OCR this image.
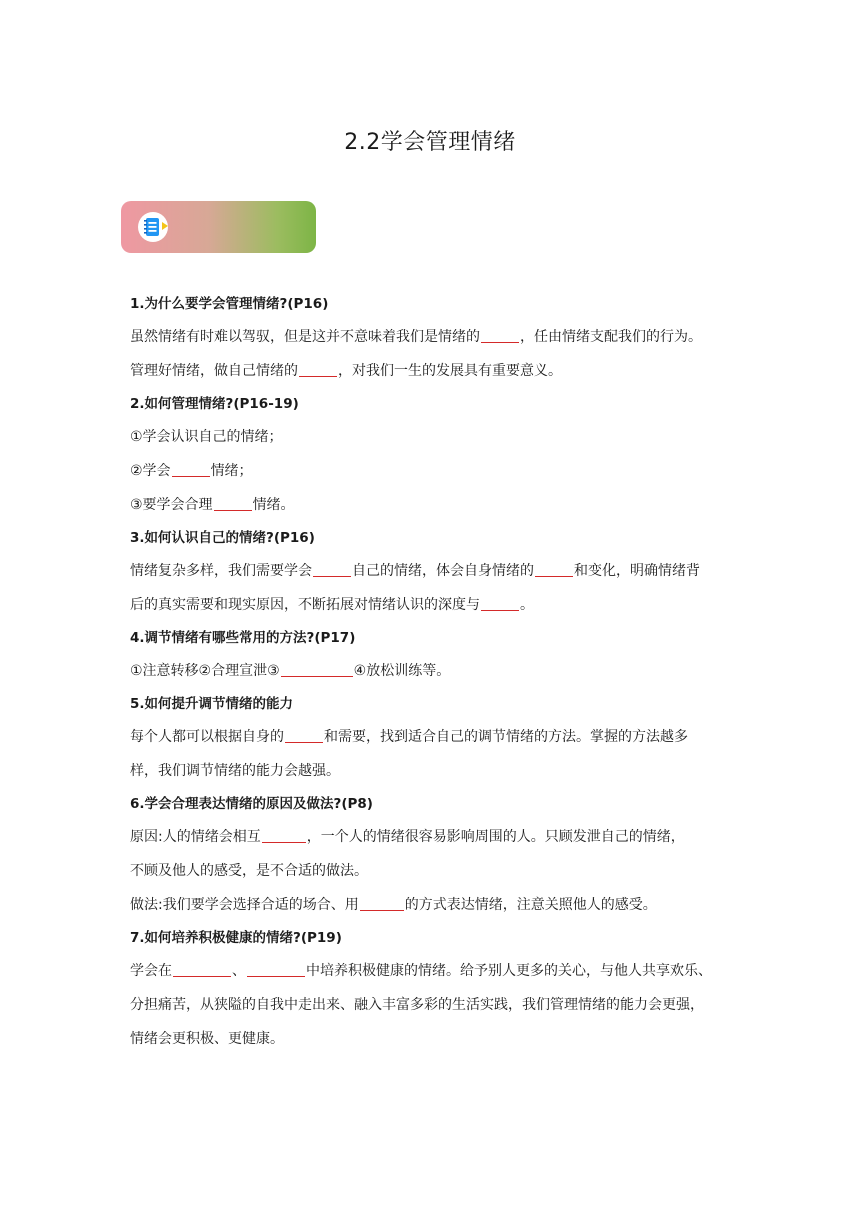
2.2学会管理情绪

1.为什么要学会管理情绪?(P16)

虽然情绪有时难以驾驭，但是这并不意味着我们是情绪的	，任由情绪支配我们的行为。

管理好情绪，做自己情绪的	，对我们一生的发展具有重要意义。

2.如何管理情绪?(P16-19)

①学会认识自己的情绪；

②学会	情绪；

③要学会合理	情绪。

3.如何认识自己的情绪?(P16)

情绪复杂多样，我们需要学会	自己的情绪，体会自身情绪的	和变化，明确情绪背

后的真实需要和现实原因，不断拓展对情绪认识的深度与	。

4.调节情绪有哪些常用的方法?(P17)

①注意转移②合理宣泄③	④放松训练等。

5.如何提升调节情绪的能力

每个人都可以根据自身的	和需要，找到适合自己的调节情绪的方法。掌握的方法越多

样，我们调节情绪的能力会越强。

6.学会合理表达情绪的原因及做法?(P8)

原因:人的情绪会相互	，一个人的情绪很容易影响周围的人。只顾发泄自己的情绪，

不顾及他人的感受，是不合适的做法。

做法:我们要学会选择合适的场合、用	的方式表达情绪，注意关照他人的感受。

7.如何培养积极健康的情绪?(P19)

学会在	、	中培养积极健康的情绪。给予别人更多的关心，与他人共享欢乐、

分担痛苦，从狭隘的自我中走出来、融入丰富多彩的生活实践，我们管理情绪的能力会更强，

情绪会更积极、更健康。
